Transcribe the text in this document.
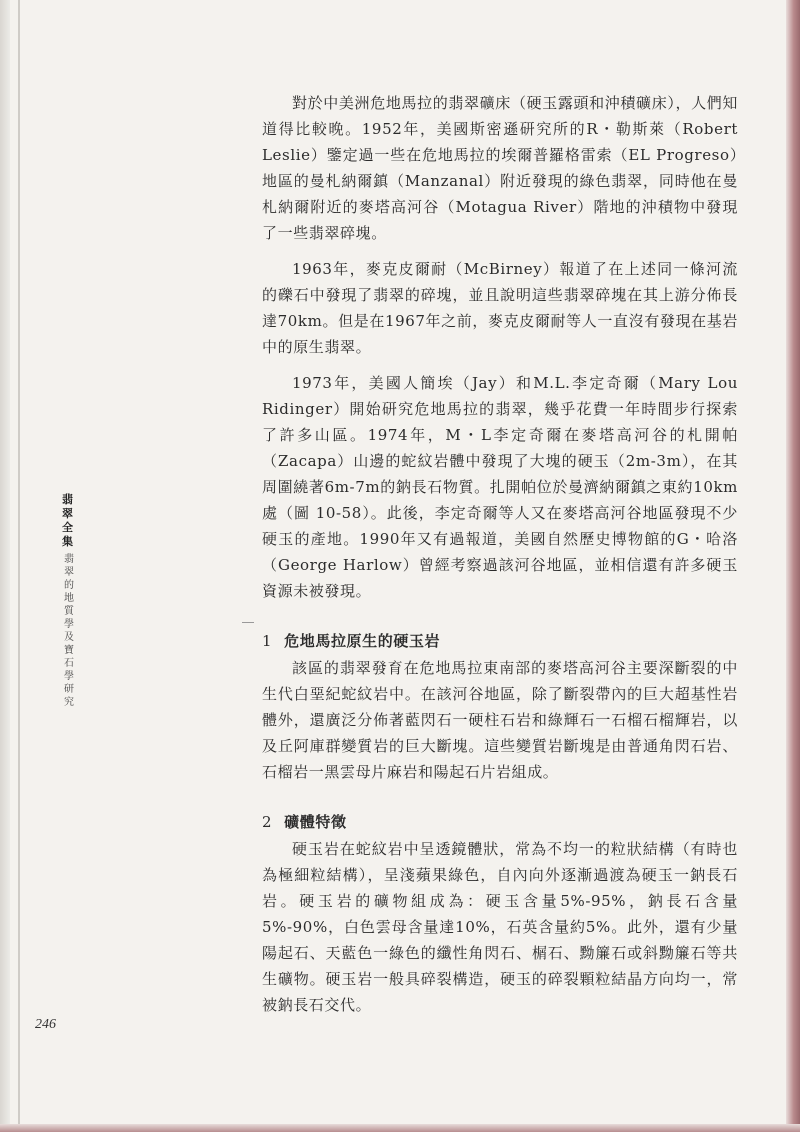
翡翠全集
翡翠的地質學及寶石學研究

對於中美洲危地馬拉的翡翠礦床（硬玉露頭和沖積礦床），人們知道得比較晚。1952年，美國斯密遜研究所的R・勒斯萊（Robert Leslie）鑒定過一些在危地馬拉的埃爾普羅格雷索（EL Progreso）地區的曼札納爾鎮（Manzanal）附近發現的綠色翡翠，同時他在曼札納爾附近的麥塔高河谷（Motagua River）階地的沖積物中發現了一些翡翠碎塊。

1963年，麥克皮爾耐（McBirney）報道了在上述同一條河流的礫石中發現了翡翠的碎塊，並且說明這些翡翠碎塊在其上游分佈長達70km。但是在1967年之前，麥克皮爾耐等人一直沒有發現在基岩中的原生翡翠。

1973年，美國人簡埃（Jay）和M.L.李定奇爾（Mary Lou Ridinger）開始研究危地馬拉的翡翠，幾乎花費一年時間步行探索了許多山區。1974年，M・L李定奇爾在麥塔高河谷的札開帕（Zacapa）山邊的蛇紋岩體中發現了大塊的硬玉（2m-3m），在其周圍繞著6m-7m的鈉長石物質。扎開帕位於曼濟納爾鎮之東約10km處（圖 10-58）。此後，李定奇爾等人又在麥塔高河谷地區發現不少硬玉的產地。1990年又有過報道，美國自然歷史博物館的G・哈洛（George Harlow）曾經考察過該河谷地區，並相信還有許多硬玉資源未被發現。

1 危地馬拉原生的硬玉岩

該區的翡翠發育在危地馬拉東南部的麥塔高河谷主要深斷裂的中生代白堊紀蛇紋岩中。在該河谷地區，除了斷裂帶內的巨大超基性岩體外，還廣泛分佈著藍閃石一硬柱石岩和綠輝石一石榴石榴輝岩，以及丘阿庫群變質岩的巨大斷塊。這些變質岩斷塊是由普通角閃石岩、石榴岩一黑雲母片麻岩和陽起石片岩組成。

2 礦體特徵

硬玉岩在蛇紋岩中呈透鏡體狀，常為不均一的粒狀結構（有時也為極細粒結構），呈淺蘋果綠色，自內向外逐漸過渡為硬玉一鈉長石岩。硬玉岩的礦物組成為：硬玉含量5%-95%，鈉長石含量5%-90%，白色雲母含量達10%，石英含量約5%。此外，還有少量陽起石、天藍色一綠色的纖性角閃石、榍石、黝簾石或斜黝簾石等共生礦物。硬玉岩一般具碎裂構造，硬玉的碎裂顆粒結晶方向均一，常被鈉長石交代。

246
